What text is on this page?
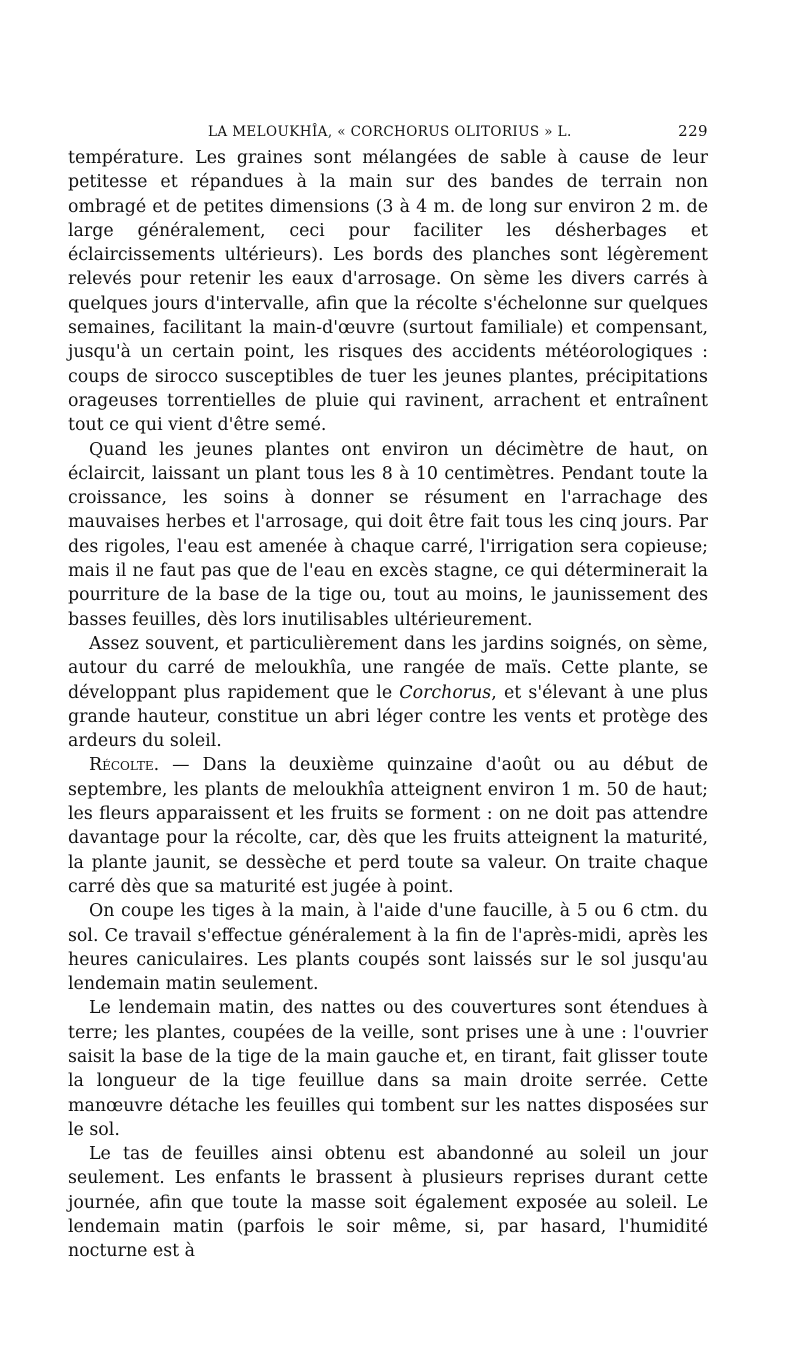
LA MELOUKHÎA, « CORCHORUS OLITORIUS » L.	229

température. Les graines sont mélangées de sable à cause de leur petitesse et répandues à la main sur des bandes de terrain non ombragé et de petites dimensions (3 à 4 m. de long sur environ 2 m. de large généralement, ceci pour faciliter les désherbages et éclaircissements ultérieurs). Les bords des planches sont légèrement relevés pour retenir les eaux d'arrosage. On sème les divers carrés à quelques jours d'intervalle, afin que la récolte s'échelonne sur quelques semaines, facilitant la main-d'œuvre (surtout familiale) et compensant, jusqu'à un certain point, les risques des accidents météorologiques : coups de sirocco susceptibles de tuer les jeunes plantes, précipitations orageuses torrentielles de pluie qui ravinent, arrachent et entraînent tout ce qui vient d'être semé.

Quand les jeunes plantes ont environ un décimètre de haut, on éclaircit, laissant un plant tous les 8 à 10 centimètres. Pendant toute la croissance, les soins à donner se résument en l'arrachage des mauvaises herbes et l'arrosage, qui doit être fait tous les cinq jours. Par des rigoles, l'eau est amenée à chaque carré, l'irrigation sera copieuse; mais il ne faut pas que de l'eau en excès stagne, ce qui déterminerait la pourriture de la base de la tige ou, tout au moins, le jaunissement des basses feuilles, dès lors inutilisables ultérieurement.

Assez souvent, et particulièrement dans les jardins soignés, on sème, autour du carré de meloukhîa, une rangée de maïs. Cette plante, se développant plus rapidement que le Corchorus, et s'élevant à une plus grande hauteur, constitue un abri léger contre les vents et protège des ardeurs du soleil.

Récolte. — Dans la deuxième quinzaine d'août ou au début de septembre, les plants de meloukhîa atteignent environ 1 m. 50 de haut; les fleurs apparaissent et les fruits se forment : on ne doit pas attendre davantage pour la récolte, car, dès que les fruits atteignent la maturité, la plante jaunit, se dessèche et perd toute sa valeur. On traite chaque carré dès que sa maturité est jugée à point.

On coupe les tiges à la main, à l'aide d'une faucille, à 5 ou 6 ctm. du sol. Ce travail s'effectue généralement à la fin de l'après-midi, après les heures caniculaires. Les plants coupés sont laissés sur le sol jusqu'au lendemain matin seulement.

Le lendemain matin, des nattes ou des couvertures sont étendues à terre; les plantes, coupées de la veille, sont prises une à une : l'ouvrier saisit la base de la tige de la main gauche et, en tirant, fait glisser toute la longueur de la tige feuillue dans sa main droite serrée. Cette manœuvre détache les feuilles qui tombent sur les nattes disposées sur le sol.

Le tas de feuilles ainsi obtenu est abandonné au soleil un jour seulement. Les enfants le brassent à plusieurs reprises durant cette journée, afin que toute la masse soit également exposée au soleil. Le lendemain matin (parfois le soir même, si, par hasard, l'humidité nocturne est à
